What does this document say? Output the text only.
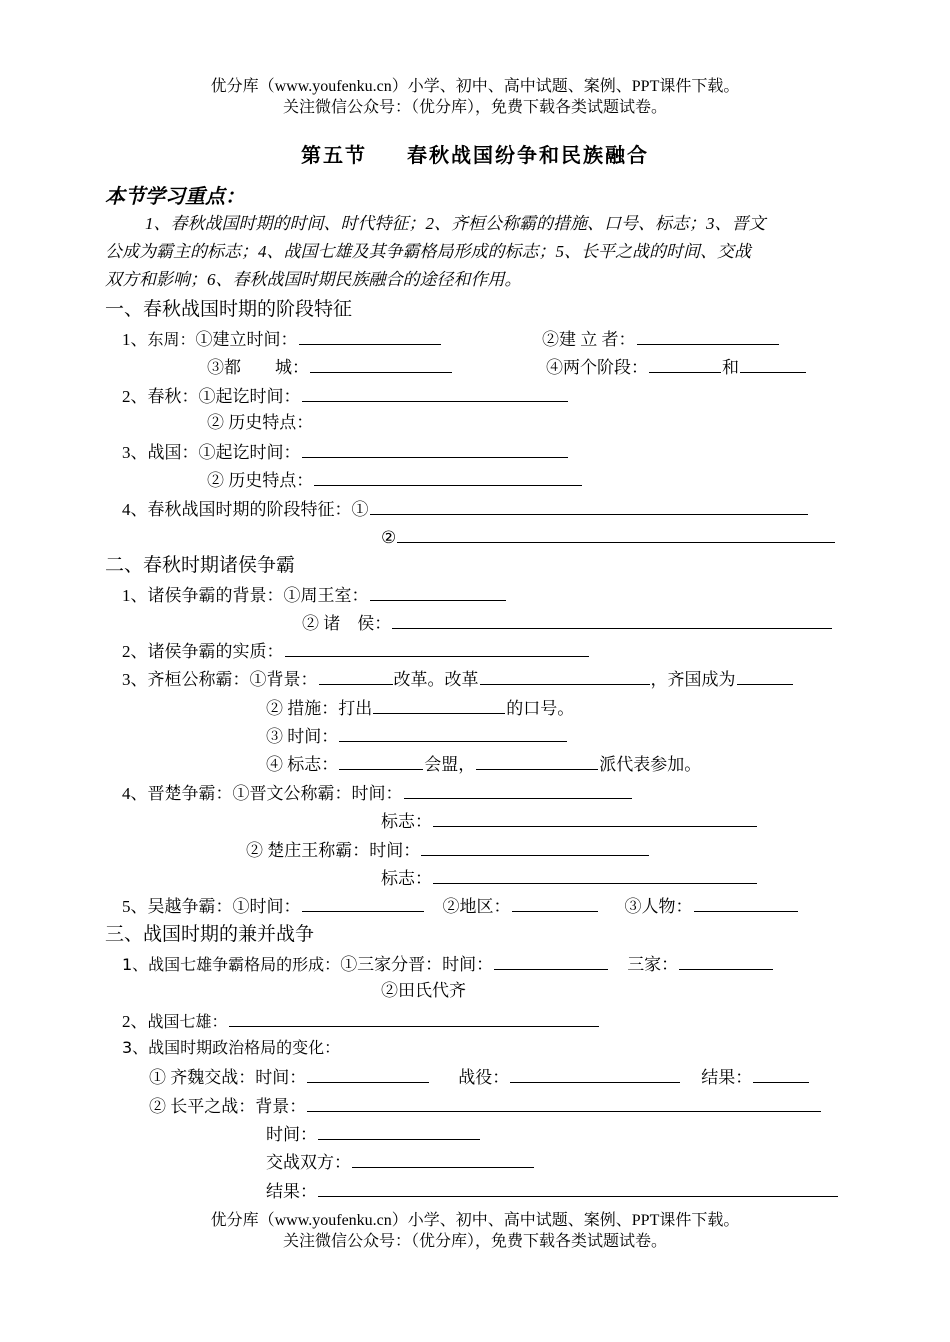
优分库（www.youfenku.cn）小学、初中、高中试题、案例、PPT课件下载。
关注微信公众号：（优分库），免费下载各类试题试卷。
第五节 春秋战国纷争和民族融合
本节学习重点：
1、春秋战国时期的时间、时代特征；2、齐桓公称霸的措施、口号、标志；3、晋文
公成为霸主的标志；4、战国七雄及其争霸格局形成的标志；5、长平之战的时间、交战
双方和影响；6、春秋战国时期民族融合的途径和作用。
一、春秋战国时期的阶段特征
1、东周：①建立时间：	②建 立 者：
③都　　城：	④两个阶段：	和
2、春秋：①起讫时间：
② 历史特点：
3、战国：①起讫时间：
② 历史特点：
4、春秋战国时期的阶段特征：①
②
二、春秋时期诸侯争霸
1、诸侯争霸的背景：①周王室：
② 诸　侯：
2、诸侯争霸的实质：
3、齐桓公称霸：①背景：	改革。改革	，齐国成为
② 措施：打出	的口号。
③ 时间：
④ 标志：	会盟，	派代表参加。
4、晋楚争霸：①晋文公称霸：时间：
标志：
② 楚庄王称霸：时间：
标志：
5、吴越争霸：①时间：	②地区：	③人物：
三、战国时期的兼并战争
1、战国七雄争霸格局的形成：①三家分晋：时间：	三家：
②田氏代齐
2、战国七雄：
3、战国时期政治格局的变化：
① 齐魏交战：时间：	战役：	结果：
② 长平之战：背景：
时间：
交战双方：
结果：
优分库（www.youfenku.cn）小学、初中、高中试题、案例、PPT课件下载。
关注微信公众号：（优分库），免费下载各类试题试卷。
